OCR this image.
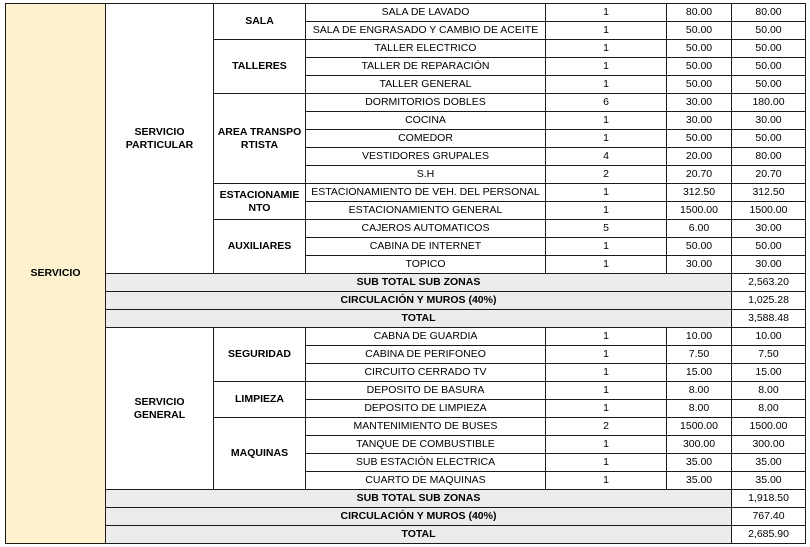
SERVICIO	SERVICIO PARTICULAR	SALA	SALA DE LAVADO	1	80.00	80.00
			SALA DE ENGRASADO Y CAMBIO DE ACEITE	1	50.00	50.00
		TALLERES	TALLER ELECTRICO	1	50.00	50.00
			TALLER DE REPARACIÓN	1	50.00	50.00
			TALLER GENERAL	1	50.00	50.00
		AREA TRANSPORTISTA	DORMITORIOS DOBLES	6	30.00	180.00
			COCINA	1	30.00	30.00
			COMEDOR	1	50.00	50.00
			VESTIDORES GRUPALES	4	20.00	80.00
			S.H	2	20.70	20.70
		ESTACIONAMIENTO	ESTACIONAMIENTO DE VEH. DEL PERSONAL	1	312.50	312.50
			ESTACIONAMIENTO GENERAL	1	1500.00	1500.00
		AUXILIARES	CAJEROS AUTOMATICOS	5	6.00	30.00
			CABINA DE INTERNET	1	50.00	50.00
			TOPICO	1	30.00	30.00
	SUB TOTAL SUB ZONAS					2,563.20
	CIRCULACIÓN Y MUROS (40%)					1,025.28
	TOTAL					3,588.48
	SERVICIO GENERAL	SEGURIDAD	CABNA DE GUARDIA	1	10.00	10.00
			CABINA DE PERIFONEO	1	7.50	7.50
			CIRCUITO CERRADO TV	1	15.00	15.00
		LIMPIEZA	DEPOSITO DE BASURA	1	8.00	8.00
			DEPOSITO DE LIMPIEZA	1	8.00	8.00
		MAQUINAS	MANTENIMIENTO DE BUSES	2	1500.00	1500.00
			TANQUE DE COMBUSTIBLE	1	300.00	300.00
			SUB ESTACIÓN ELECTRICA	1	35.00	35.00
			CUARTO DE MAQUINAS	1	35.00	35.00
	SUB TOTAL SUB ZONAS					1,918.50
	CIRCULACIÓN Y MUROS (40%)					767.40
	TOTAL					2,685.90
